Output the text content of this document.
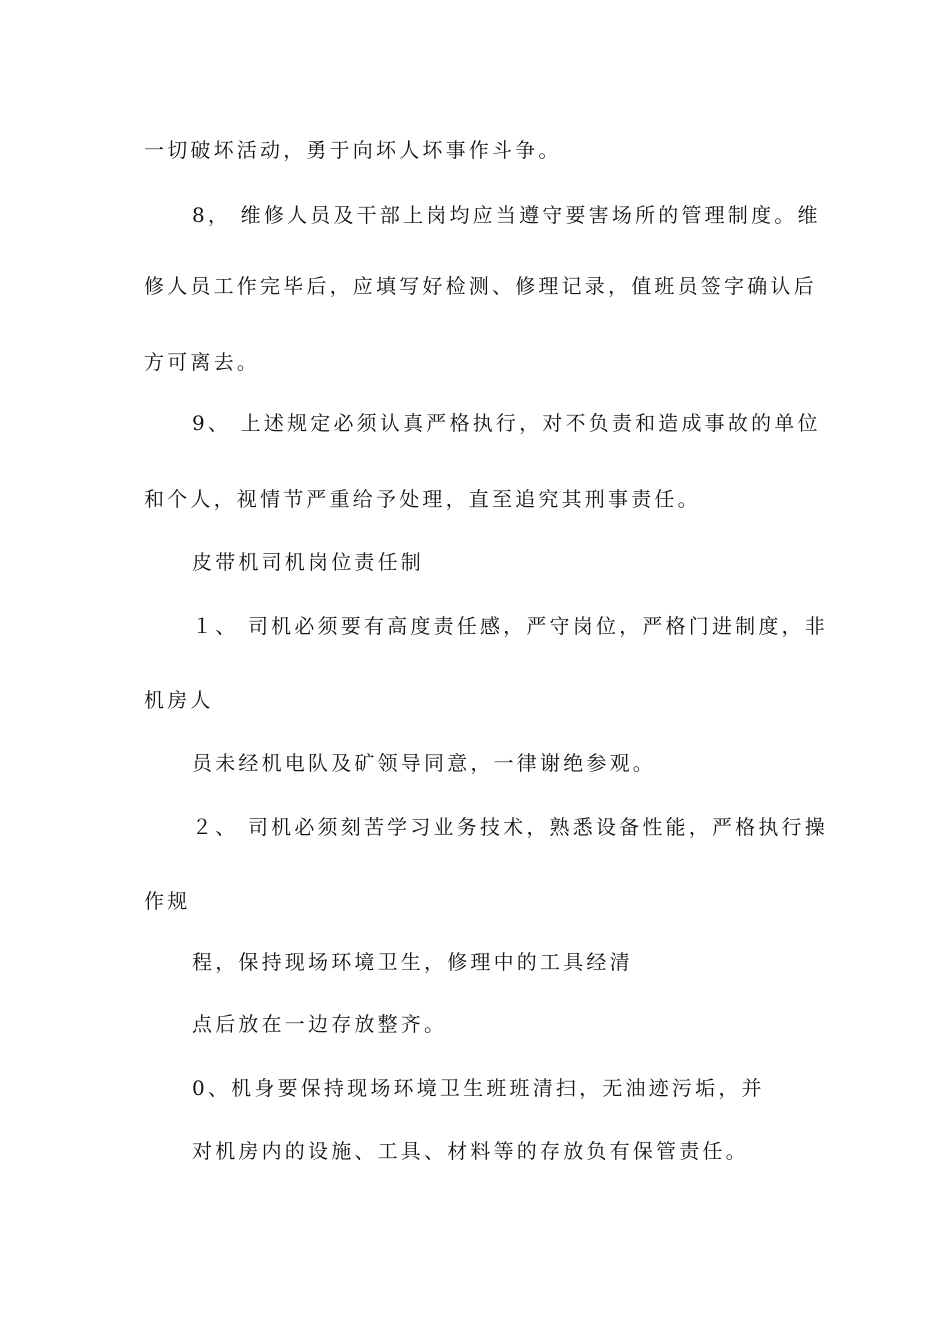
一切破坏活动，勇于向坏人坏事作斗争。
8， 维修人员及干部上岗均应当遵守要害场所的管理制度。维
修人员工作完毕后，应填写好检测、修理记录，值班员签字确认后
方可离去。
9、 上述规定必须认真严格执行，对不负责和造成事故的单位
和个人，视情节严重给予处理，直至追究其刑事责任。
皮带机司机岗位责任制
１、 司机必须要有高度责任感，严守岗位，严格门进制度，非
机房人
员未经机电队及矿领导同意，一律谢绝参观。
２、 司机必须刻苦学习业务技术，熟悉设备性能，严格执行操
作规
程，保持现场环境卫生，修理中的工具经清
点后放在一边存放整齐。
0、机身要保持现场环境卫生班班清扫，无油迹污垢，并
对机房内的设施、工具、材料等的存放负有保管责任。
